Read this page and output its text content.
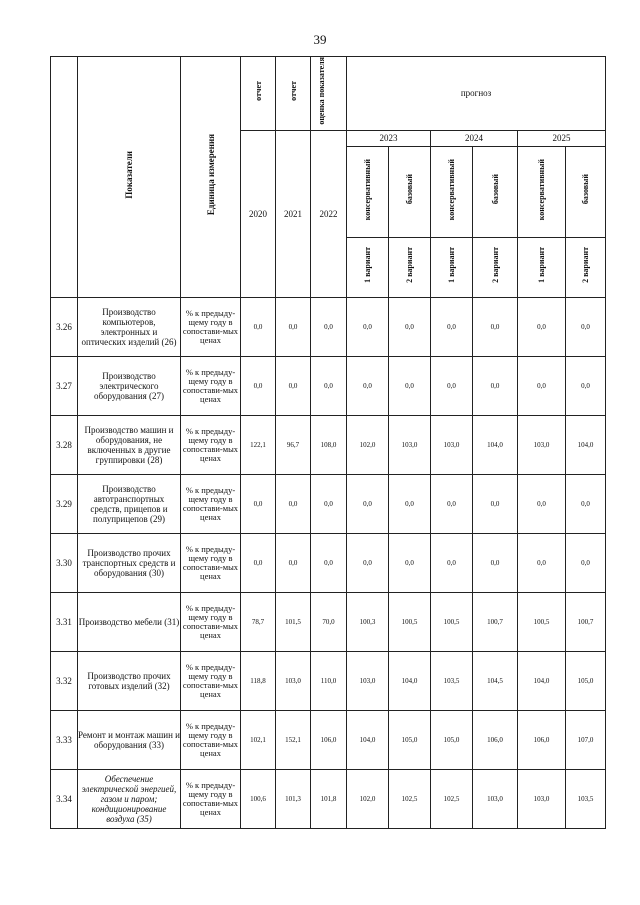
39
	Показатели	Единица измерения	отчет	отчет	оценка показателя	прогноз					
			2020	2021	2022	2023		2024		2025	
						консервативный	базовый	консервативный	базовый	консервативный	базовый
						1 вариант	2 вариант	1 вариант	2 вариант	1 вариант	2 вариант
3.26	Производство компьютеров, электронных и оптических изделий (26)	% к предыду-щему году в сопостави-мых ценах	0,0	0,0	0,0	0,0	0,0	0,0	0,0	0,0	0,0
3.27	Производство электрического оборудования (27)	% к предыду-щему году в сопостави-мых ценах	0,0	0,0	0,0	0,0	0,0	0,0	0,0	0,0	0,0
3.28	Производство машин и оборудования, не включенных в другие группировки (28)	% к предыду-щему году в сопостави-мых ценах	122,1	96,7	108,0	102,0	103,0	103,0	104,0	103,0	104,0
3.29	Производство автотранспортных средств, прицепов и полуприцепов (29)	% к предыду-щему году в сопостави-мых ценах	0,0	0,0	0,0	0,0	0,0	0,0	0,0	0,0	0,0
3.30	Производство прочих транспортных средств и оборудования (30)	% к предыду-щему году в сопостави-мых ценах	0,0	0,0	0,0	0,0	0,0	0,0	0,0	0,0	0,0
3.31	Производство мебели (31)	% к предыду-щему году в сопостави-мых ценах	78,7	101,5	70,0	100,3	100,5	100,5	100,7	100,5	100,7
3.32	Производство прочих готовых изделий (32)	% к предыду-щему году в сопостави-мых ценах	118,8	103,0	110,0	103,0	104,0	103,5	104,5	104,0	105,0
3.33	Ремонт и монтаж машин и оборудования (33)	% к предыду-щему году в сопостави-мых ценах	102,1	152,1	106,0	104,0	105,0	105,0	106,0	106,0	107,0
3.34	Обеспечение электрической энергией, газом и паром; кондиционирование воздуха (35)	% к предыду-щему году в сопостави-мых ценах	100,6	101,3	101,8	102,0	102,5	102,5	103,0	103,0	103,5
